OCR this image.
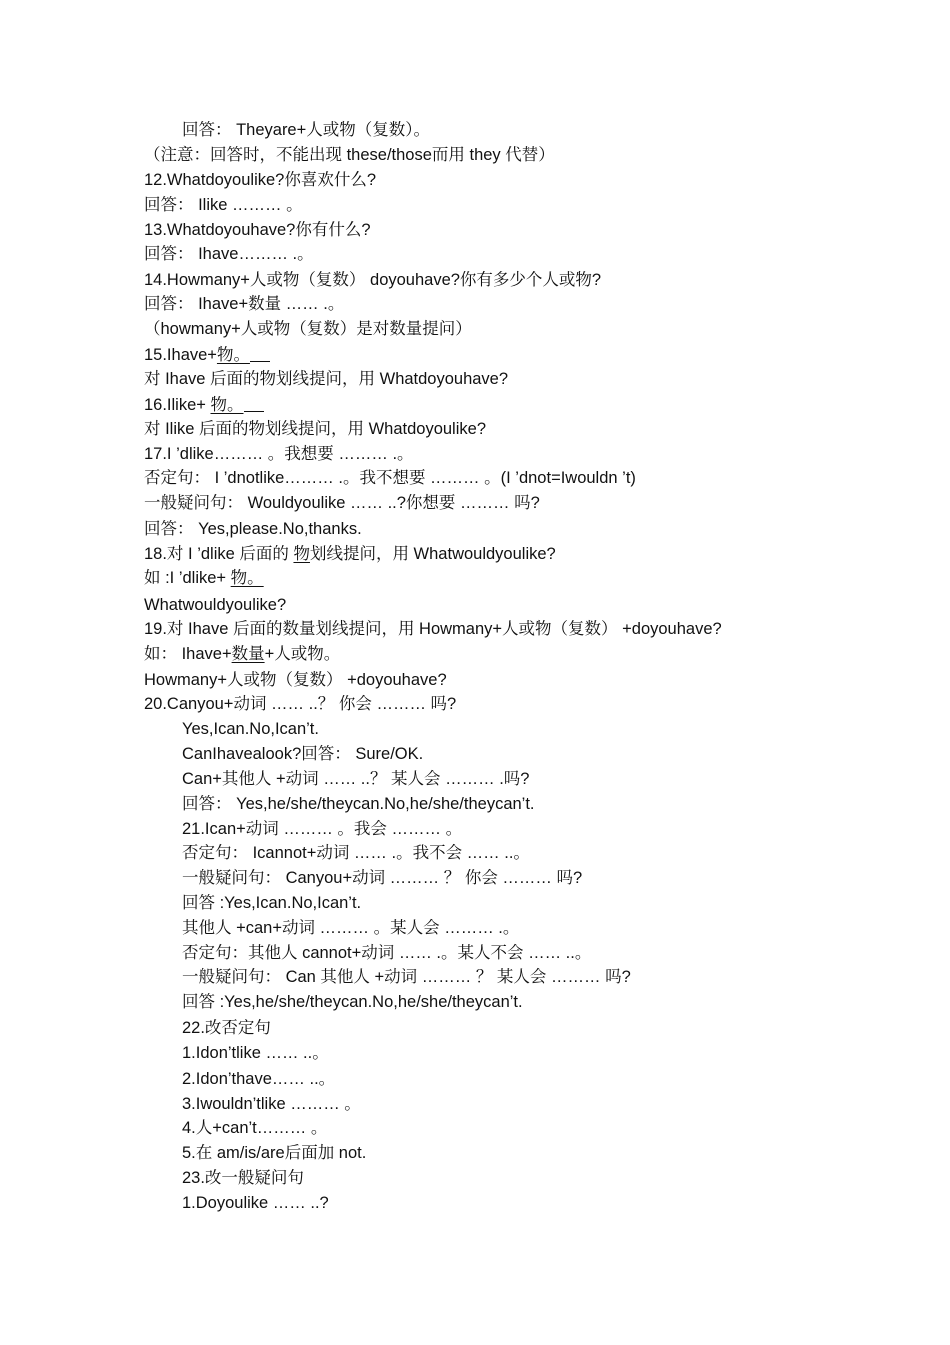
回答： Theyare+人或物（复数）。
（注意：回答时，不能出现 these/those而用 they 代替）
12.Whatdoyoulike?你喜欢什么?
回答： Ilike ……… 。
13.Whatdoyouhave?你有什么?
回答： Ihave……… .。
14.Howmany+人或物（复数） doyouhave?你有多少个人或物?
回答： Ihave+数量 …… .。
（howmany+人或物（复数）是对数量提问）
15.Ihave+物。
对 Ihave 后面的物划线提问，用 Whatdoyouhave?
16.Ilike+ 物。
对 Ilike 后面的物划线提问，用 Whatdoyoulike?
17.I ’dlike……… 。我想要 ……… .。
否定句： I ’dnotlike……… .。我不想要 ……… 。(I ’dnot=Iwouldn ’t)
一般疑问句： Wouldyoulike …… ..?你想要 ……… 吗?
回答： Yes,please.No,thanks.
18.对 I ’dlike 后面的 物划线提问，用 Whatwouldyoulike?
如 :I ’dlike+ 物。
Whatwouldyoulike?
19.对 Ihave 后面的数量划线提问，用 Howmany+人或物（复数） +doyouhave?
如： Ihave+数量+人或物。
Howmany+人或物（复数） +doyouhave?
20.Canyou+动词 …… ..？ 你会 ……… 吗?
Yes,Ican.No,Ican’t.
CanIhavealook?回答： Sure/OK.
Can+其他人 +动词 …… ..？ 某人会 ……… .吗?
回答： Yes,he/she/theycan.No,he/she/theycan’t.
21.Ican+动词 ……… 。我会 ……… 。
否定句： Icannot+动词 …… .。我不会 …… ..。
一般疑问句： Canyou+动词 ……… ？ 你会 ……… 吗?
回答 :Yes,Ican.No,Ican’t.
其他人 +can+动词 ……… 。某人会 ……… .。
否定句：其他人 cannot+动词 …… .。某人不会 …… ..。
一般疑问句： Can 其他人 +动词 ……… ？ 某人会 ……… 吗?
回答 :Yes,he/she/theycan.No,he/she/theycan’t.
22.改否定句
1.Idon’tlike …… ..。
2.Idon’thave…… ..。
3.Iwouldn’tlike ……… 。
4.人+can’t……… 。
5.在 am/is/are后面加 not.
23.改一般疑问句
1.Doyoulike …… ..?
